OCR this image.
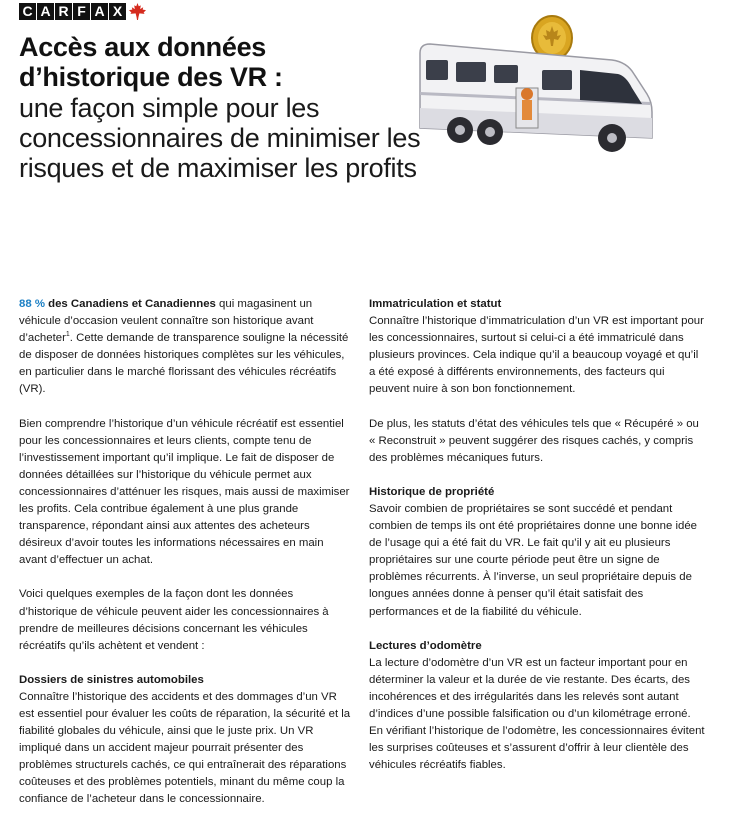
C A R F A X
Accès aux données
d’historique des VR :
une façon simple pour les concessionnaires de minimiser les risques et de maximiser les profits

88 % des Canadiens et Canadiennes qui magasinent un véhicule d’occasion veulent connaître son historique avant d’acheter$^1$. Cette demande de transparence souligne la nécessité de disposer de données historiques complètes sur les véhicules, en particulier dans le marché florissant des véhicules récréatifs (VR).

Bien comprendre l’historique d’un véhicule récréatif est essentiel pour les concessionnaires et leurs clients, compte tenu de l’investissement important qu’il implique. Le fait de disposer de données détaillées sur l’historique du véhicule permet aux concessionnaires d’atténuer les risques, mais aussi de maximiser les profits. Cela contribue également à une plus grande transparence, répondant ainsi aux attentes des acheteurs désireux d’avoir toutes les informations nécessaires en main avant d’effectuer un achat.

Voici quelques exemples de la façon dont les données d’historique de véhicule peuvent aider les concessionnaires à prendre de meilleures décisions concernant les véhicules récréatifs qu’ils achètent et vendent :

Dossiers de sinistres automobiles

Connaître l’historique des accidents et des dommages d’un VR est essentiel pour évaluer les coûts de réparation, la sécurité et la fiabilité globales du véhicule, ainsi que le juste prix. Un VR impliqué dans un accident majeur pourrait présenter des problèmes structurels cachés, ce qui entraînerait des réparations coûteuses et des problèmes potentiels, minant du même coup la confiance de l’acheteur dans le concessionnaire.

Immatriculation et statut

Connaître l’historique d’immatriculation d’un VR est important pour les concessionnaires, surtout si celui-ci a été immatriculé dans plusieurs provinces. Cela indique qu’il a beaucoup voyagé et qu’il a été exposé à différents environnements, des facteurs qui peuvent nuire à son bon fonctionnement.

De plus, les statuts d’état des véhicules tels que « Récupéré » ou « Reconstruit » peuvent suggérer des risques cachés, y compris des problèmes mécaniques futurs.

Historique de propriété

Savoir combien de propriétaires se sont succédé et pendant combien de temps ils ont été propriétaires donne une bonne idée de l’usage qui a été fait du VR. Le fait qu’il y ait eu plusieurs propriétaires sur une courte période peut être un signe de problèmes récurrents. À l’inverse, un seul propriétaire depuis de longues années donne à penser qu’il était satisfait des performances et de la fiabilité du véhicule.

Lectures d’odomètre

La lecture d’odomètre d’un VR est un facteur important pour en déterminer la valeur et la durée de vie restante. Des écarts, des incohérences et des irrégularités dans les relevés sont autant d’indices d’une possible falsification ou d’un kilométrage erroné. En vérifiant l’historique de l’odomètre, les concessionnaires évitent les surprises coûteuses et s’assurent d’offrir à leur clientèle des véhicules récréatifs fiables.
